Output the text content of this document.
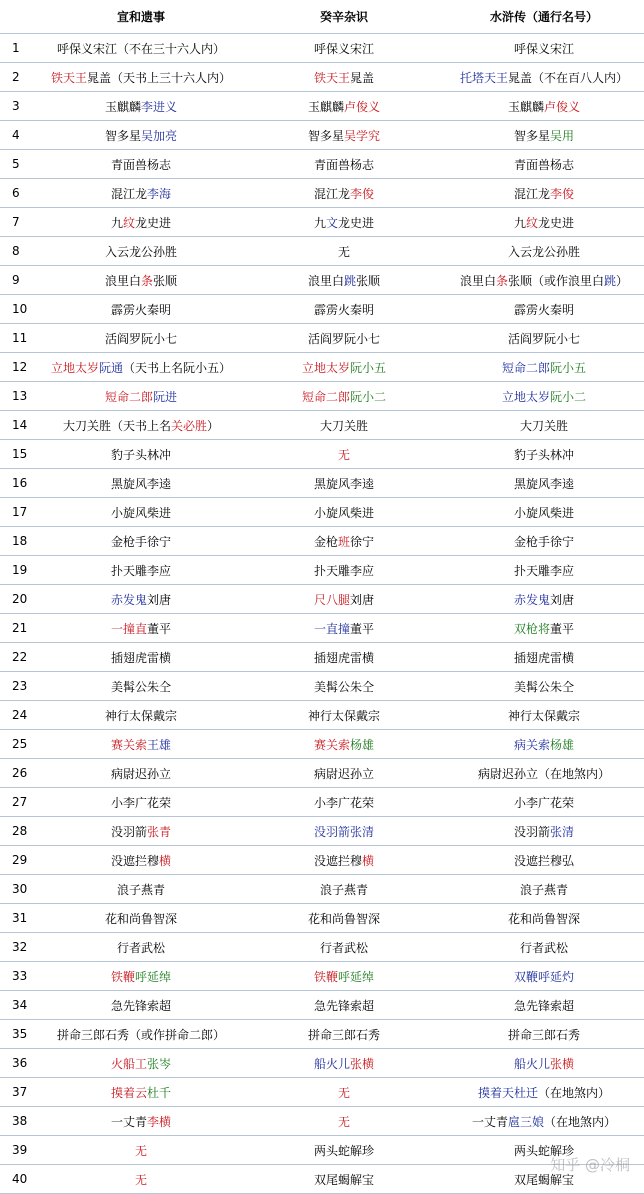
	宣和遗事	癸辛杂识	水浒传（通行名号）
1	呼保义宋江（不在三十六人内）	呼保义宋江	呼保义宋江
2	铁天王晁盖（天书上三十六人内）	铁天王晁盖	托塔天王晁盖（不在百八人内）
3	玉麒麟李进义	玉麒麟卢俊义	玉麒麟卢俊义
4	智多星吴加亮	智多星吴学究	智多星吴用
5	青面兽杨志	青面兽杨志	青面兽杨志
6	混江龙李海	混江龙李俊	混江龙李俊
7	九纹龙史进	九文龙史进	九纹龙史进
8	入云龙公孙胜	无	入云龙公孙胜
9	浪里白条张顺	浪里白跳张顺	浪里白条张顺（或作浪里白跳）
10	霹雳火秦明	霹雳火秦明	霹雳火秦明
11	活阎罗阮小七	活阎罗阮小七	活阎罗阮小七
12	立地太岁阮通（天书上名阮小五）	立地太岁阮小五	短命二郎阮小五
13	短命二郎阮进	短命二郎阮小二	立地太岁阮小二
14	大刀关胜（天书上名关必胜）	大刀关胜	大刀关胜
15	豹子头林冲	无	豹子头林冲
16	黑旋风李逵	黑旋风李逵	黑旋风李逵
17	小旋风柴进	小旋风柴进	小旋风柴进
18	金枪手徐宁	金枪班徐宁	金枪手徐宁
19	扑天雕李应	扑天雕李应	扑天雕李应
20	赤发鬼刘唐	尺八腿刘唐	赤发鬼刘唐
21	一撞直董平	一直撞董平	双枪将董平
22	插翅虎雷横	插翅虎雷横	插翅虎雷横
23	美髯公朱仝	美髯公朱仝	美髯公朱仝
24	神行太保戴宗	神行太保戴宗	神行太保戴宗
25	赛关索王雄	赛关索杨雄	病关索杨雄
26	病尉迟孙立	病尉迟孙立	病尉迟孙立（在地煞内）
27	小李广花荣	小李广花荣	小李广花荣
28	没羽箭张青	没羽箭张清	没羽箭张清
29	没遮拦穆横	没遮拦穆横	没遮拦穆弘
30	浪子燕青	浪子燕青	浪子燕青
31	花和尚鲁智深	花和尚鲁智深	花和尚鲁智深
32	行者武松	行者武松	行者武松
33	铁鞭呼延绰	铁鞭呼延绰	双鞭呼延灼
34	急先锋索超	急先锋索超	急先锋索超
35	拼命三郎石秀（或作拼命二郎）	拼命三郎石秀	拼命三郎石秀
36	火船工张岑	船火儿张横	船火儿张横
37	摸着云杜千	无	摸着天杜迁（在地煞内）
38	一丈青李横	无	一丈青扈三娘（在地煞内）
39	无	两头蛇解珍	两头蛇解珍
40	无	双尾蝎解宝	双尾蝎解宝
知乎 @冷桐
